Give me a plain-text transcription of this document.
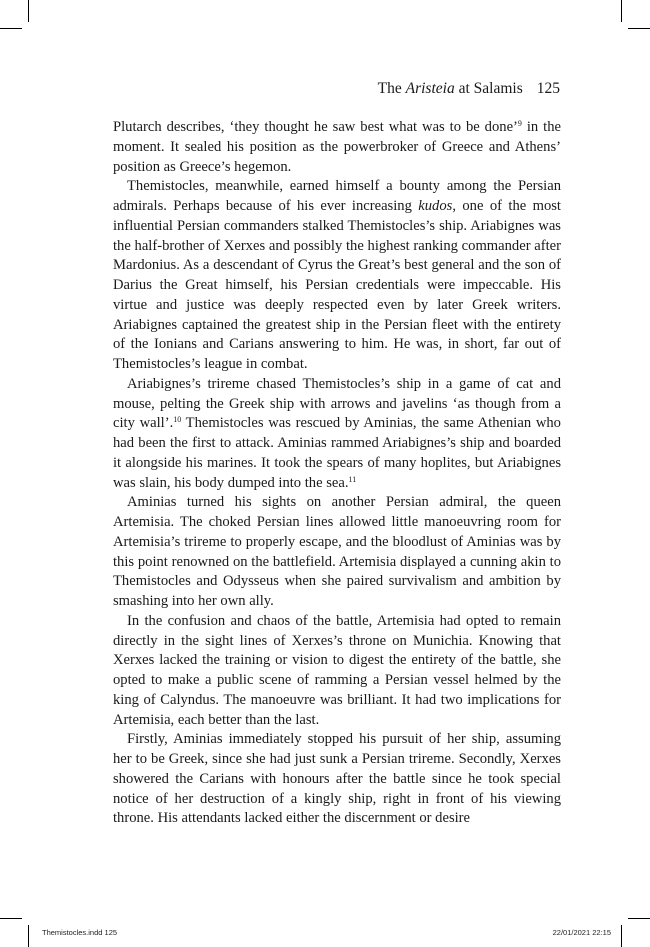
The Aristeia at Salamis 125

Plutarch describes, ‘they thought he saw best what was to be done’$^9$ in the moment. It sealed his position as the powerbroker of Greece and Athens’ position as Greece’s hegemon.

Themistocles, meanwhile, earned himself a bounty among the Persian admirals. Perhaps because of his ever increasing kudos, one of the most influential Persian commanders stalked Themistocles’s ship. Ariabignes was the half-brother of Xerxes and possibly the highest ranking commander after Mardonius. As a descendant of Cyrus the Great’s best general and the son of Darius the Great himself, his Persian credentials were impeccable. His virtue and justice was deeply respected even by later Greek writers. Ariabignes captained the greatest ship in the Persian fleet with the entirety of the Ionians and Carians answering to him. He was, in short, far out of Themistocles’s league in combat.

Ariabignes’s trireme chased Themistocles’s ship in a game of cat and mouse, pelting the Greek ship with arrows and javelins ‘as though from a city wall’.$^{10}$ Themistocles was rescued by Aminias, the same Athenian who had been the first to attack. Aminias rammed Ariabignes’s ship and boarded it alongside his marines. It took the spears of many hoplites, but Ariabignes was slain, his body dumped into the sea.$^{11}$

Aminias turned his sights on another Persian admiral, the queen Artemisia. The choked Persian lines allowed little manoeuvring room for Artemisia’s trireme to properly escape, and the bloodlust of Aminias was by this point renowned on the battlefield. Artemisia displayed a cunning akin to Themistocles and Odysseus when she paired survivalism and ambition by smashing into her own ally.

In the confusion and chaos of the battle, Artemisia had opted to remain directly in the sight lines of Xerxes’s throne on Munichia. Knowing that Xerxes lacked the training or vision to digest the entirety of the battle, she opted to make a public scene of ramming a Persian vessel helmed by the king of Calyndus. The manoeuvre was brilliant. It had two implications for Artemisia, each better than the last.

Firstly, Aminias immediately stopped his pursuit of her ship, assuming her to be Greek, since she had just sunk a Persian trireme. Secondly, Xerxes showered the Carians with honours after the battle since he took special notice of her destruction of a kingly ship, right in front of his viewing throne. His attendants lacked either the discernment or desire

Themistocles.indd 125	22/01/2021 22:15
